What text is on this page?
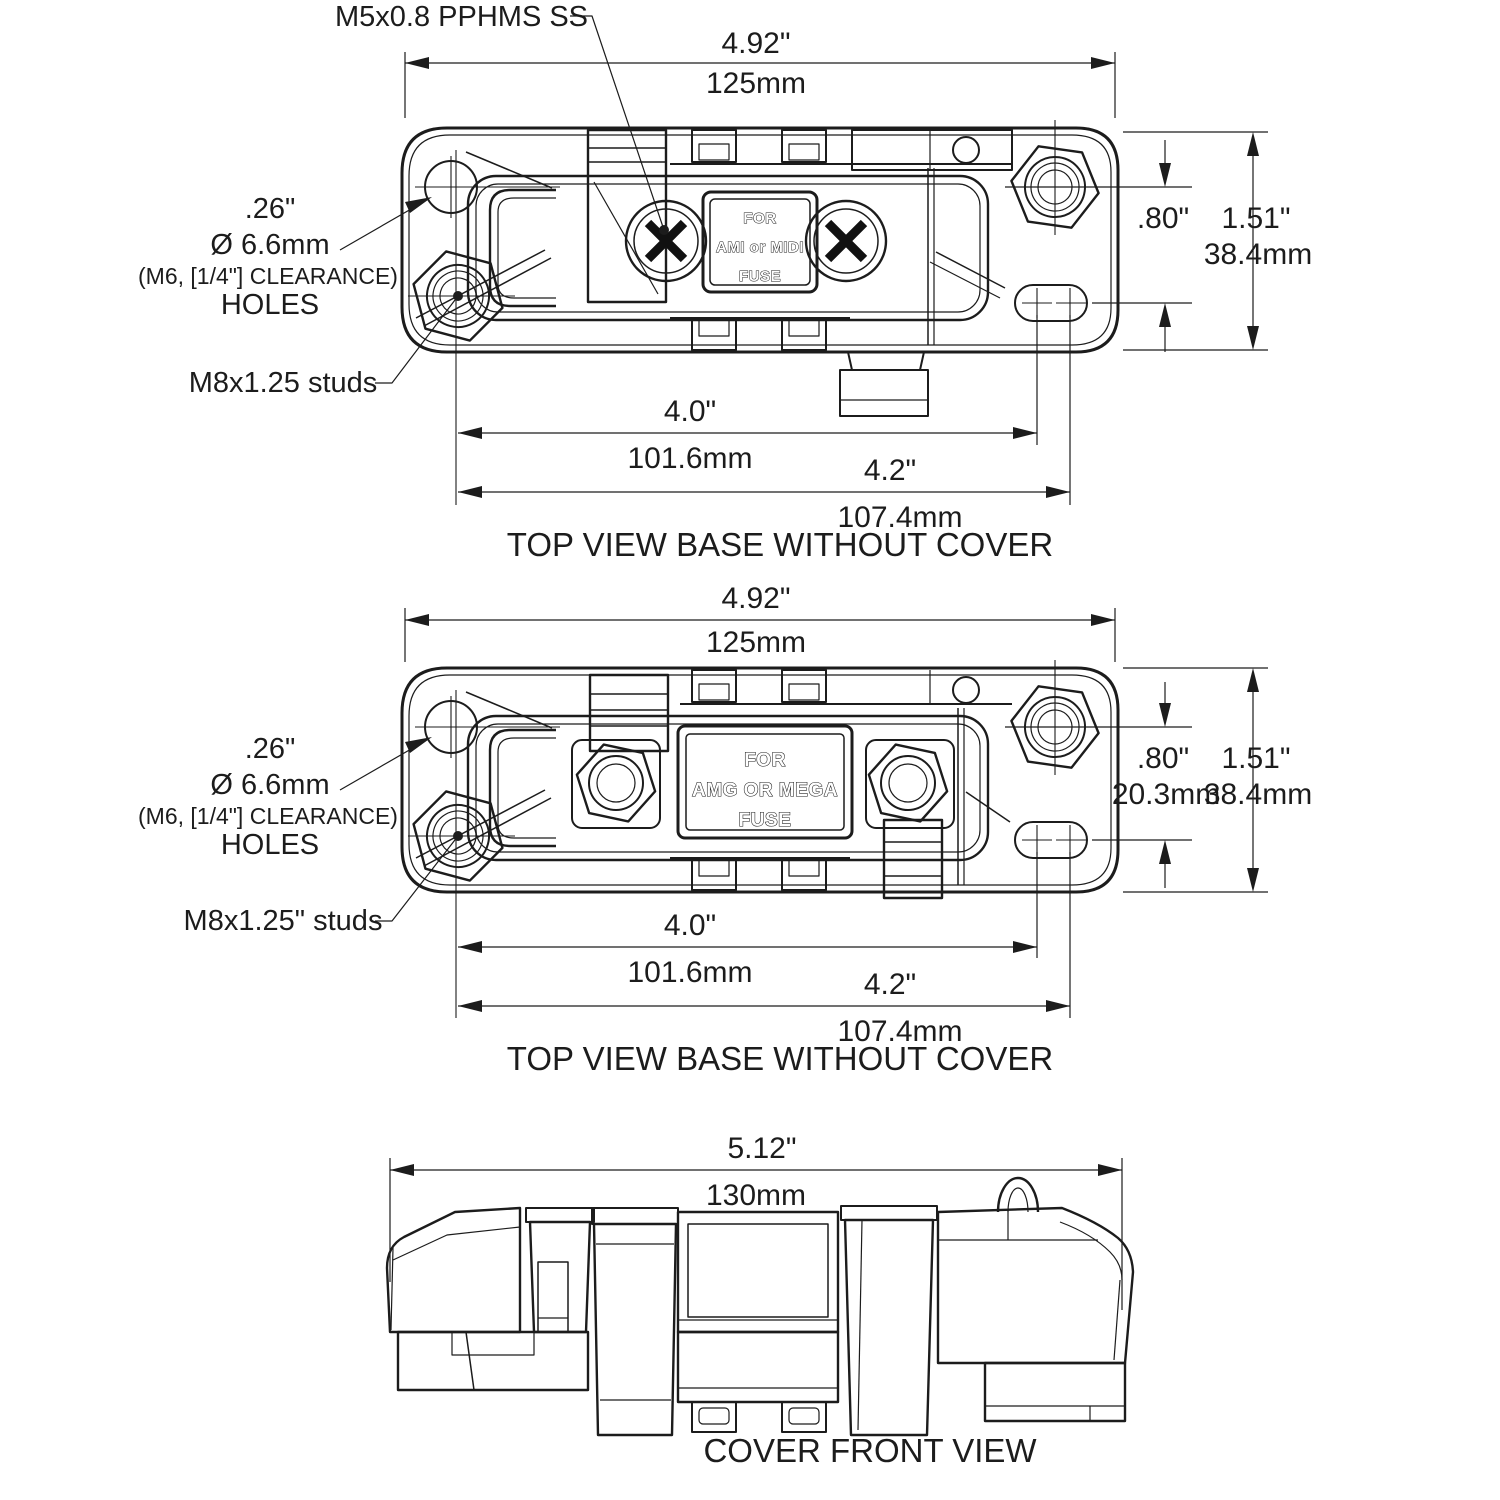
FOR
AMI or MIDI
FUSE
M5x0.8 PPHMS SS
4.92"
125mm
.26"
Ø 6.6mm
(M6, [1/4"] CLEARANCE)
HOLES
M8x1.25 studs
4.0"
101.6mm	4.2"
107.4mm
.80" 1.51"
38.4mm
TOP VIEW BASE WITHOUT COVER
FOR
AMG OR MEGA
FUSE
4.92"
125mm
.26"
Ø 6.6mm
(M6, [1/4"] CLEARANCE)
HOLES
M8x1.25" studs	4.0"
101.6mm	4.2"
107.4mm
.80"
20.3mm
1.51"
38.4mm
TOP VIEW BASE WITHOUT COVER
5.12"
130mm
COVER FRONT VIEW
